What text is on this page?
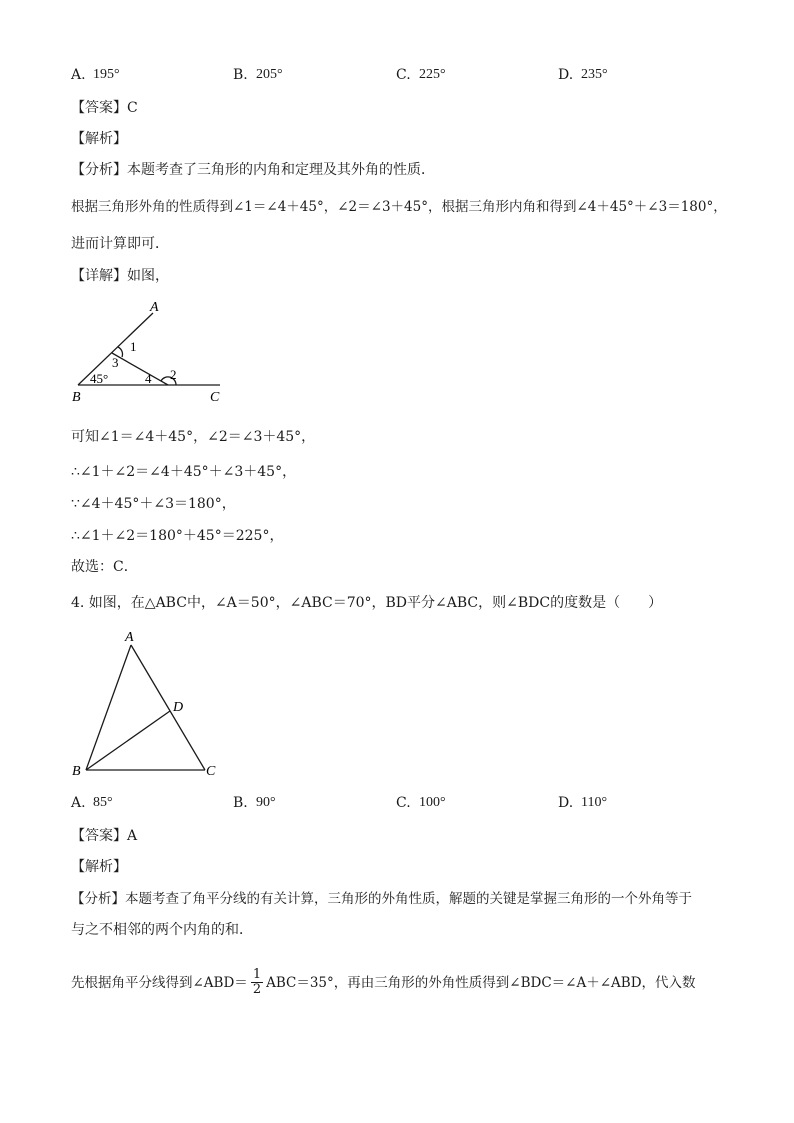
A. 195°	B. 205°	C. 225°	D. 235°
【答案】C
【解析】
【分析】本题考查了三角形的内角和定理及其外角的性质．
根据三角形外角的性质得到∠1＝∠4＋45°，∠2＝∠3＋45°，根据三角形内角和得到∠4＋45°＋∠3＝180°，
进而计算即可．
【详解】如图，
A
B	C
1
2
3
4
45°
可知∠1＝∠4＋45°，∠2＝∠3＋45°，
∴∠1＋∠2＝∠4＋45°＋∠3＋45°，
∵∠4＋45°＋∠3＝180°，
∴∠1＋∠2＝180°＋45°＝225°，
故选：C．
4. 如图，在△ABC中，∠A＝50°，∠ABC＝70°，BD平分∠ABC，则∠BDC的度数是（　　）
A
B	C
D
A. 85°	B. 90°	C. 100°	D. 110°
【答案】A
【解析】
【分析】本题考查了角平分线的有关计算，三角形的外角性质，解题的关键是掌握三角形的一个外角等于
与之不相邻的两个内角的和．
先根据角平分线得到∠ABD＝ $\frac{1}{2} ABC=35^\circ$，再由三角形的外角性质得到∠BDC＝∠A＋∠ABD，代入数
